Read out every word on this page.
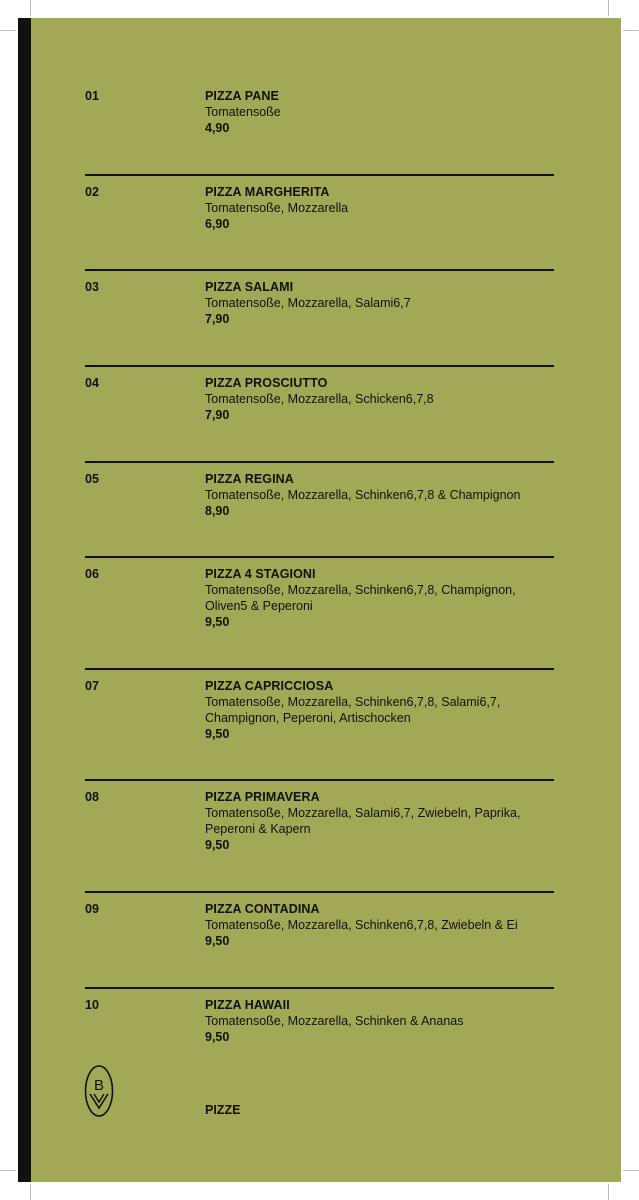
01	PIZZA PANE
Tomatensoße
4,90
02	PIZZA MARGHERITA
Tomatensoße, Mozzarella
6,90
03	PIZZA SALAMI
Tomatensoße, Mozzarella, Salami6,7
7,90
04	PIZZA PROSCIUTTO
Tomatensoße, Mozzarella, Schicken6,7,8
7,90
05	PIZZA REGINA
Tomatensoße, Mozzarella, Schinken6,7,8 & Champignon
8,90
06	PIZZA 4 STAGIONI
Tomatensoße, Mozzarella, Schinken6,7,8, Champignon, Oliven5 & Peperoni
9,50
07	PIZZA CAPRICCIOSA
Tomatensoße, Mozzarella, Schinken6,7,8, Salami6,7, Champignon, Peperoni, Artischocken
9,50
08	PIZZA PRIMAVERA
Tomatensoße, Mozzarella, Salami6,7, Zwiebeln, Paprika, Peperoni & Kapern
9,50
09	PIZZA CONTADINA
Tomatensoße, Mozzarella, Schinken6,7,8, Zwiebeln & Ei
9,50
10	PIZZA HAWAII
Tomatensoße, Mozzarella, Schinken & Ananas
9,50
B
PIZZE
